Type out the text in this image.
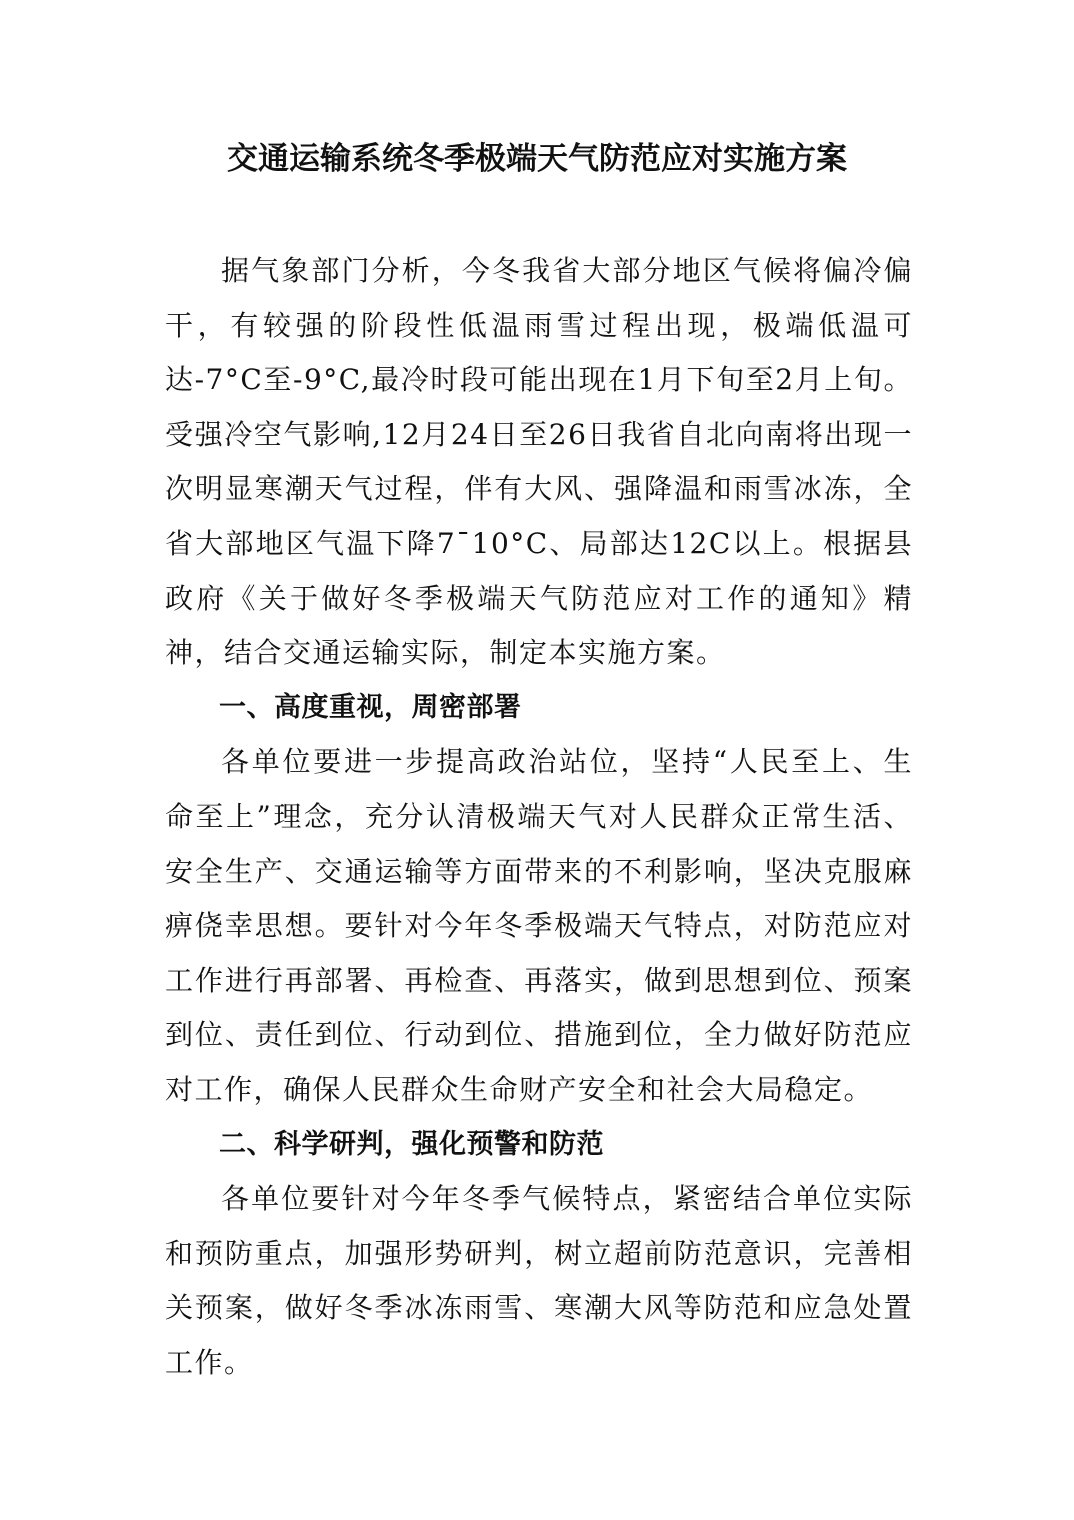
交通运输系统冬季极端天气防范应对实施方案

据气象部门分析，今冬我省大部分地区气候将偏冷偏干，有较强的阶段性低温雨雪过程出现，极端低温可达-7°C至-9°C,最冷时段可能出现在1月下旬至2月上旬。受强冷空气影响,12月24日至26日我省自北向南将出现一次明显寒潮天气过程，伴有大风、强降温和雨雪冰冻，全省大部地区气温下降7¯10°C、局部达12C以上。根据县政府《关于做好冬季极端天气防范应对工作的通知》精神，结合交通运输实际，制定本实施方案。

一、高度重视，周密部署

各单位要进一步提高政治站位，坚持“人民至上、生命至上”理念，充分认清极端天气对人民群众正常生活、安全生产、交通运输等方面带来的不利影响，坚决克服麻痹侥幸思想。要针对今年冬季极端天气特点，对防范应对工作进行再部署、再检查、再落实，做到思想到位、预案到位、责任到位、行动到位、措施到位，全力做好防范应对工作，确保人民群众生命财产安全和社会大局稳定。

二、科学研判，强化预警和防范

各单位要针对今年冬季气候特点，紧密结合单位实际和预防重点，加强形势研判，树立超前防范意识，完善相关预案，做好冬季冰冻雨雪、寒潮大风等防范和应急处置工作。
